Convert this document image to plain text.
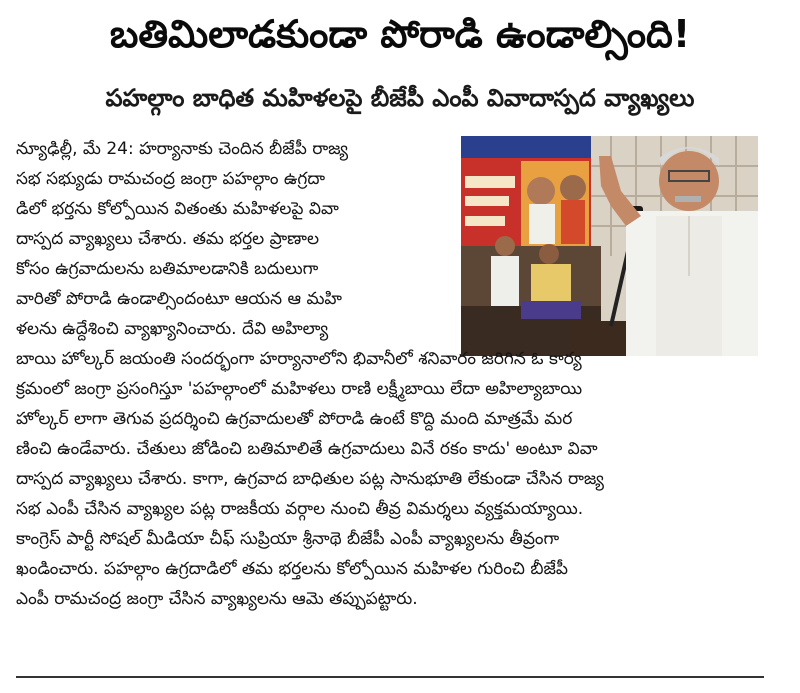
బతిమిలాడకుండా పోరాడి ఉండాల్సింది!
పహల్గాం బాధిత మహిళలపై బీజేపీ ఎంపీ వివాదాస్పద వ్యాఖ్యలు
న్యూఢిల్లీ, మే 24: హర్యానాకు చెందిన బీజేపీ రాజ్య
సభ సభ్యుడు రామచంద్ర జంగ్రా పహల్గాం ఉగ్రదా
డిలో భర్తను కోల్పోయిన వితంతు మహిళలపై వివా
దాస్పద వ్యాఖ్యలు చేశారు. తమ భర్తల ప్రాణాల
కోసం ఉగ్రవాదులను బతిమాలడానికి బదులుగా
వారితో పోరాడి ఉండాల్సిందంటూ ఆయన ఆ మహి
ళలను ఉద్దేశించి వ్యాఖ్యానించారు. దేవి అహిల్యా
బాయి హోల్కర్ జయంతి సందర్భంగా హర్యానాలోని భివానీలో శనివారం జరిగిన ఓ కార్య
క్రమంలో జంగ్రా ప్రసంగిస్తూ 'పహల్గాంలో మహిళలు రాణి లక్ష్మీబాయి లేదా అహిల్యాబాయి
హోల్కర్ లాగా తెగువ ప్రదర్శించి ఉగ్రవాదులతో పోరాడి ఉంటే కొద్ది మంది మాత్రమే మర
ణించి ఉండేవారు. చేతులు జోడించి బతిమాలితే ఉగ్రవాదులు వినే రకం కాదు' అంటూ వివా
దాస్పద వ్యాఖ్యలు చేశారు. కాగా, ఉగ్రవాద బాధితుల పట్ల సానుభూతి లేకుండా చేసిన రాజ్య
సభ ఎంపీ చేసిన వ్యాఖ్యల పట్ల రాజకీయ వర్గాల నుంచి తీవ్ర విమర్శలు వ్యక్తమయ్యాయి.
కాంగ్రెస్ పార్టీ సోషల్ మీడియా చీఫ్ సుప్రియా శ్రీనాథె బీజేపీ ఎంపీ వ్యాఖ్యలను తీవ్రంగా
ఖండించారు. పహల్గాం ఉగ్రదాడిలో తమ భర్తలను కోల్పోయిన మహిళల గురించి బీజేపీ
ఎంపీ రామచంద్ర జంగ్రా చేసిన వ్యాఖ్యలను ఆమె తప్పుపట్టారు.
